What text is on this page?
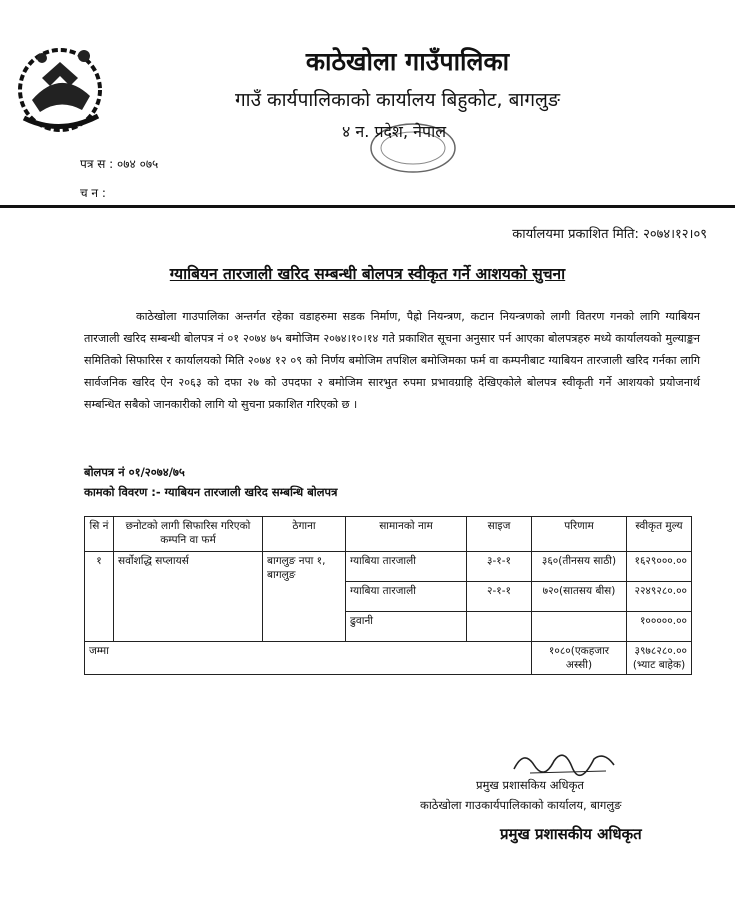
काठेखोला गाउँपालिका
गाउँ कार्यपालिकाको कार्यालय बिहुकोट, बागलुङ
४ न. प्रदेश, नेपाल
पत्र स : ०७४ ०७५
च न :
कार्यालयमा प्रकाशित मिति: २०७४।१२।०९
ग्याबियन तारजाली खरिद सम्बन्धी बोलपत्र स्वीकृत गर्ने आशयको सुचना
काठेखोला गाउपालिका अन्तर्गत रहेका वडाहरुमा सडक निर्माण, पैह्रो नियन्त्रण, कटान नियन्त्रणको लागी वितरण गनको लागि ग्याबियन तारजाली खरिद सम्बन्धी बोलपत्र नं ०१ २०७४ ७५ बमोजिम २०७४।१०।१४ गते प्रकाशित सूचना अनुसार पर्न आएका बोलपत्रहरु मध्ये कार्यालयको मुल्याङ्कन समितिको सिफारिस र कार्यालयको मिति २०७४ १२ ०९ को निर्णय बमोजिम तपशिल बमोजिमका फर्म वा कम्पनीबाट ग्याबियन तारजाली खरिद गर्नका लागि सार्वजनिक खरिद ऐन २०६३ को दफा २७ को उपदफा २ बमोजिम सारभुत रुपमा प्रभावग्राहि देखिएकोले बोलपत्र स्वीकृती गर्ने आशयको प्रयोजनार्थ सम्बन्धित सबैको जानकारीको लागि यो सुचना प्रकाशित गरिएको छ ।
बोलपत्र नं ०१/२०७४/७५
कामको विवरण :- ग्याबियन तारजाली खरिद सम्बन्धि बोलपत्र
सि नं	छनोटको लागी सिफारिस गरिएको कम्पनि वा फर्म	ठेगाना	सामानको नाम	साइज	परिणाम	स्वीकृत मुल्य
१	सर्वोशद्धि सप्लायर्स	बागलुङ नपा १, बागलुङ	ग्याबिया तारजाली	३-१-१	३६०(तीनसय साठी)	१६२९०००.००
			ग्याबिया तारजाली	२-१-१	७२०(सातसय बीस)	२२४९२८०.००
			ढुवानी			१०००००.००
जम्मा					१०८०(एकहजार अस्सी)	३९७८२८०.००
(भ्याट बाहेक)
प्रमुख प्रशासकिय अधिकृत
काठेखोला गाउकार्यपालिकाको कार्यालय, बागलुङ
प्रमुख प्रशासकीय अधिकृत
